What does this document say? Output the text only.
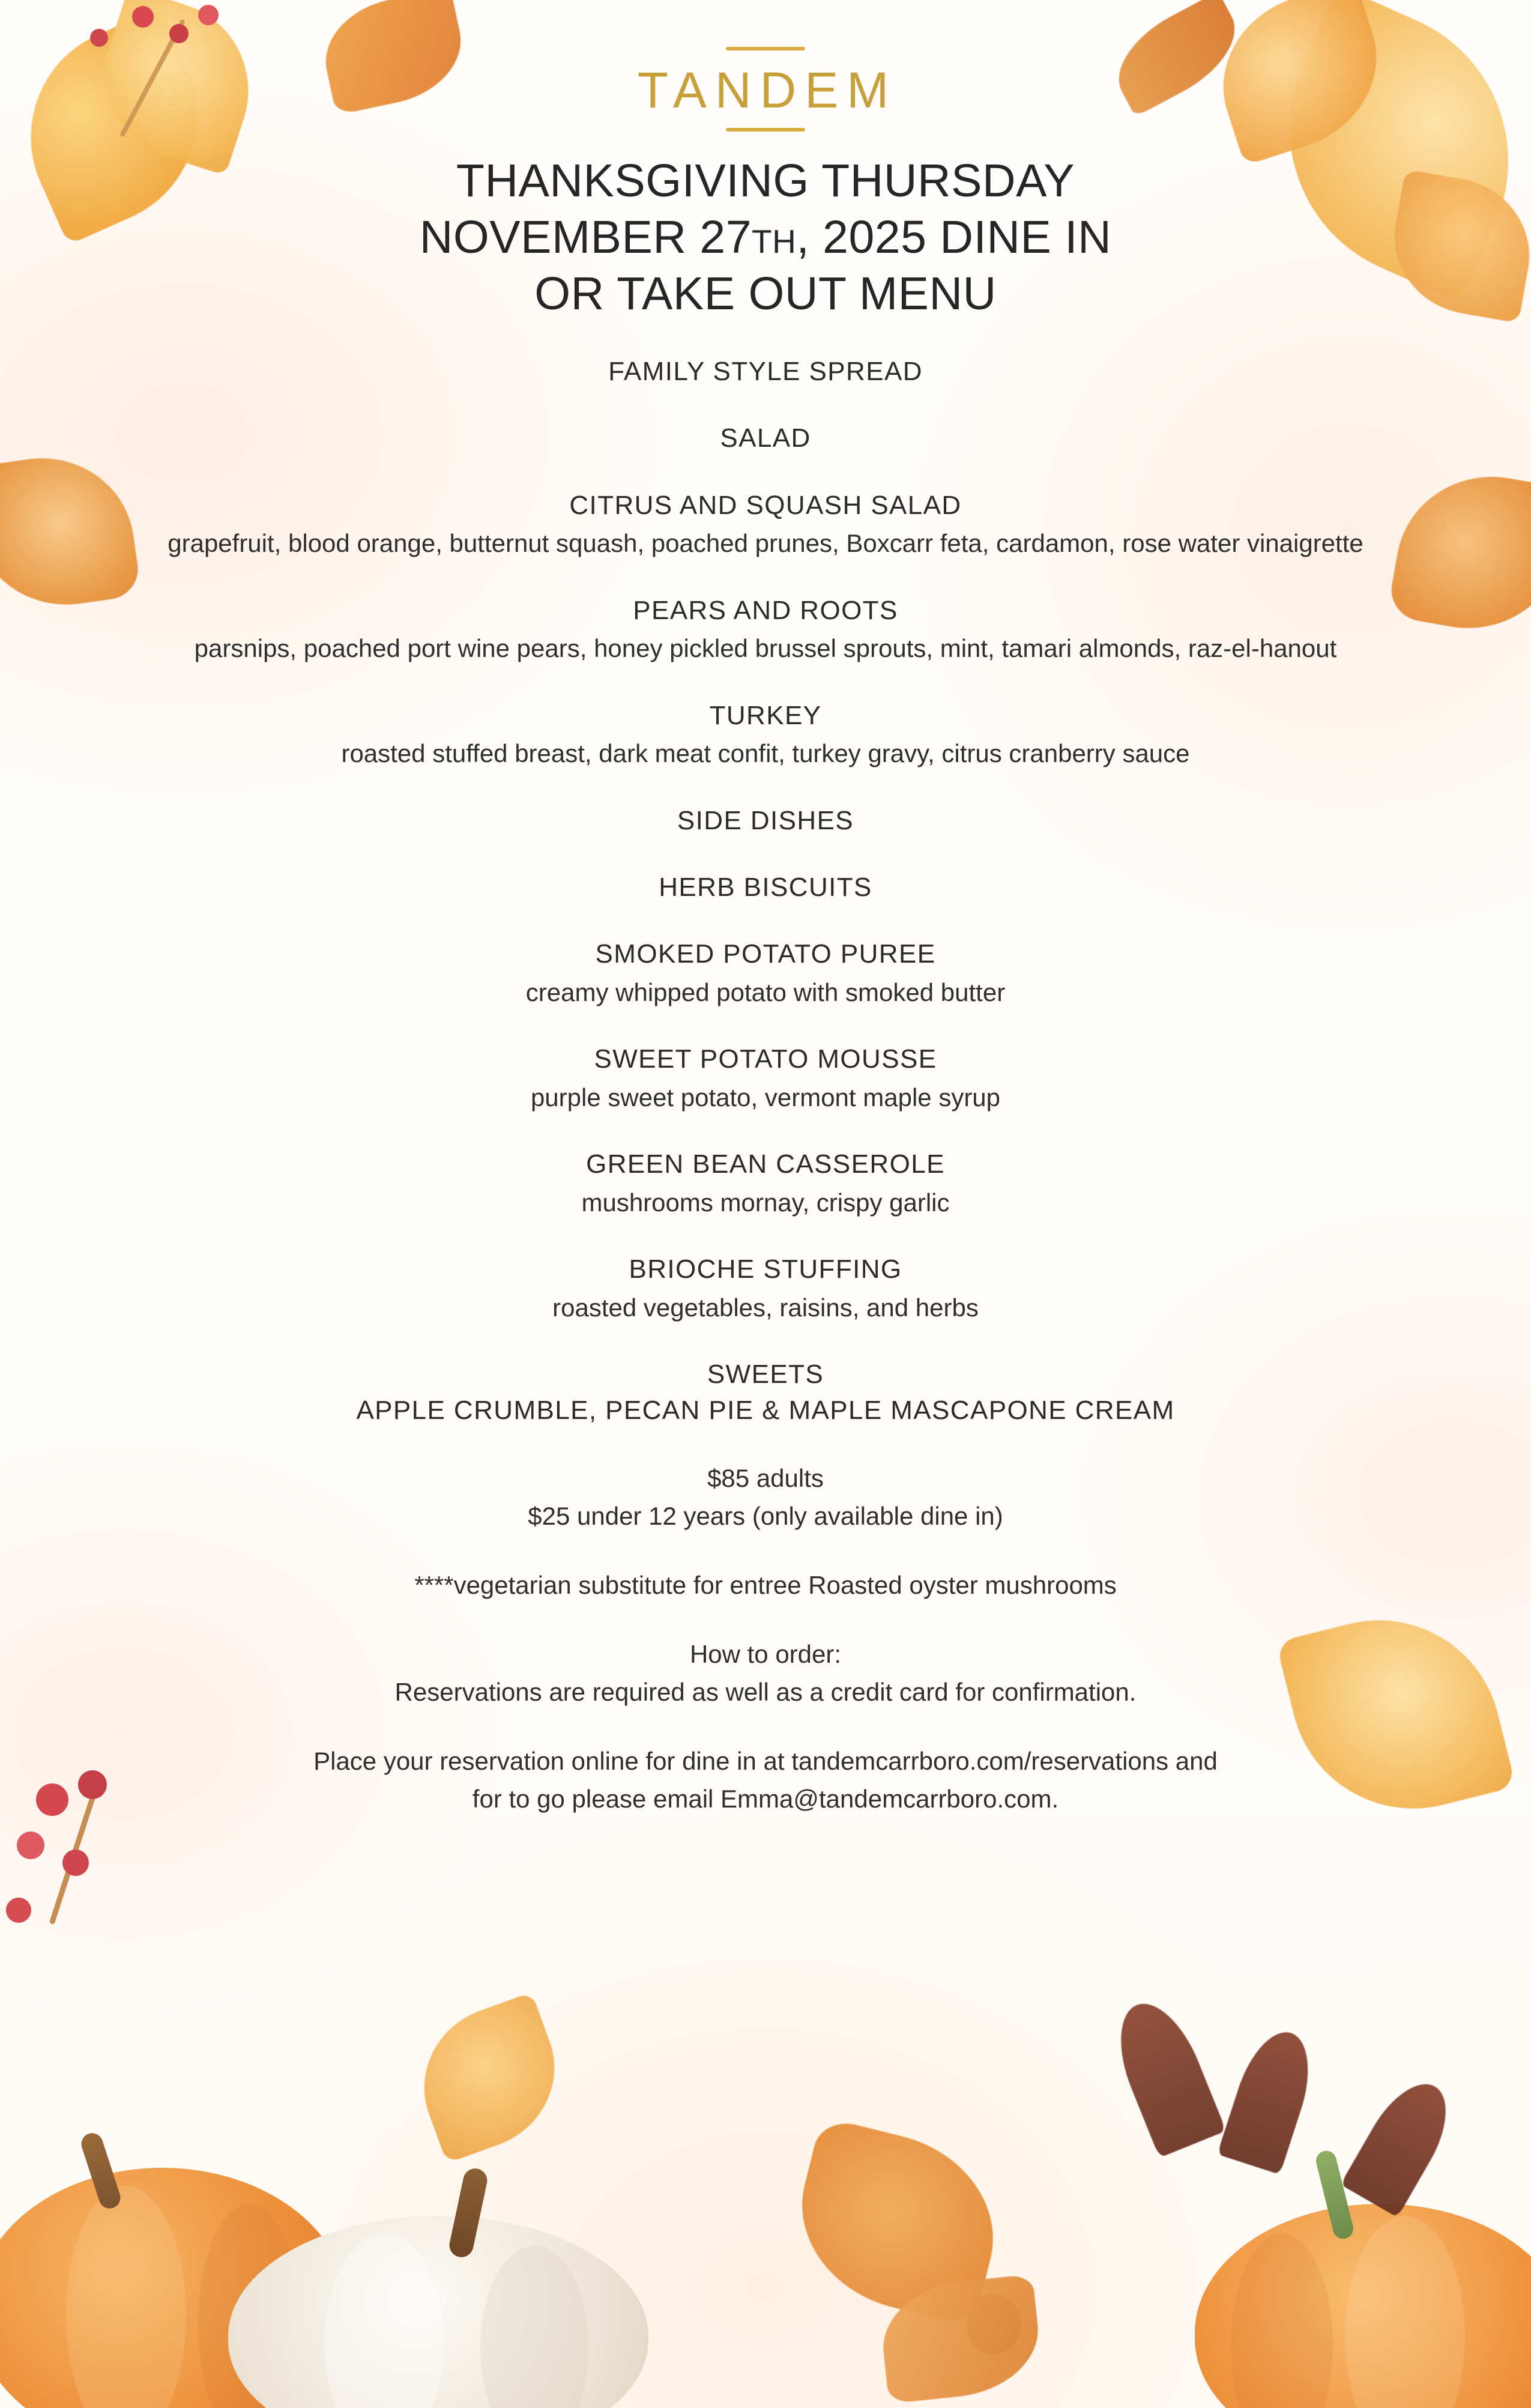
TANDEM
THANKSGIVING THURSDAY
NOVEMBER 27TH, 2025 DINE IN
OR TAKE OUT MENU
FAMILY STYLE SPREAD
SALAD
CITRUS AND SQUASH SALAD
grapefruit, blood orange, butternut squash, poached prunes, Boxcarr feta, cardamon, rose water vinaigrette
PEARS AND ROOTS
parsnips, poached port wine pears, honey pickled brussel sprouts, mint, tamari almonds, raz-el-hanout
TURKEY
roasted stuffed breast, dark meat confit, turkey gravy, citrus cranberry sauce
SIDE DISHES
HERB BISCUITS
SMOKED POTATO PUREE
creamy whipped potato with smoked butter
SWEET POTATO MOUSSE
purple sweet potato, vermont maple syrup
GREEN BEAN CASSEROLE
mushrooms mornay, crispy garlic
BRIOCHE STUFFING
roasted vegetables, raisins, and herbs
SWEETS
APPLE CRUMBLE, PECAN PIE & MAPLE MASCAPONE CREAM
$85 adults
$25 under 12 years (only available dine in)
****vegetarian substitute for entree Roasted oyster mushrooms
How to order:
Reservations are required as well as a credit card for confirmation.
Place your reservation online for dine in at tandemcarrboro.com/reservations and
for to go please email Emma@tandemcarrboro.com.
